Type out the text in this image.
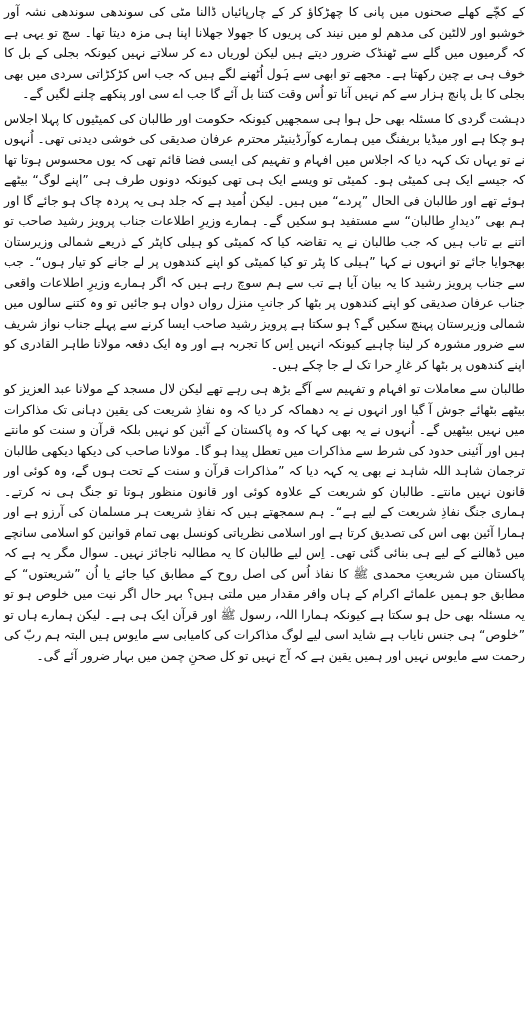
کے کچّے کھلے صحنوں میں پانی کا چھڑکاؤ کر کے چارپائیاں ڈالنا مٹی کی سوندھی سوندھی نشہ آور خوشبو اور لالٹین کی مدھم لو میں نیند کی پریوں کا جھولا جھلانا اپنا ہی مزہ دیتا تھا۔ سچ تو یہی ہے کہ گرمیوں میں گلے سے ٹھنڈک ضرور دیتے ہیں لیکن لوریاں دے کر سلاتے نہیں کیونکہ بجلی کے بل کا خوف ہی بے چین رکھتا ہے۔ مجھے تو ابھی سے ہَول اُٹھنے لگے ہیں کہ جب اس کڑکڑاتی سردی میں بھی بجلی کا بل پانچ ہزار سے کم نہیں آتا تو اُس وقت کتنا بل آئے گا جب اے سی اور پنکھے چلنے لگیں گے۔

دہشت گردی کا مسئلہ بھی حل ہوا ہی سمجھیں کیونکہ حکومت اور طالبان کی کمیٹیوں کا پہلا اجلاس ہو چکا ہے اور میڈیا بریفنگ میں ہمارے کوآرڈینیٹر محترم عرفان صدیقی کی خوشی دیدنی تھی۔ اُنہوں نے تو یہاں تک کہہ دیا کہ اجلاس میں افہام و تفہیم کی ایسی فضا قائم تھی کہ یوں محسوس ہوتا تھا کہ جیسے ایک ہی کمیٹی ہو۔ کمیٹی تو ویسے ایک ہی تھی کیونکہ دونوں طرف ہی ”اپنے لوگ“ بیٹھے ہوئے تھے اور طالبان فی الحال ”پردے“ میں ہیں۔ لیکن اُمید ہے کہ جلد ہی یہ پردہ چاک ہو جائے گا اور ہم بھی ”دیدارِ طالبان“ سے مستفید ہو سکیں گے۔ ہمارے وزیرِ اطلاعات جناب پرویز رشید صاحب تو اتنے بے تاب ہیں کہ جب طالبان نے یہ تقاضہ کیا کہ کمیٹی کو ہیلی کاپٹر کے ذریعے شمالی وزیرستان بھجوایا جائے تو انہوں نے کہا ”ہیلی کا پٹر تو کیا کمیٹی کو اپنے کندھوں پر لے جانے کو تیار ہوں“۔ جب سے جناب پرویز رشید کا یہ بیان آیا ہے تب سے ہم سوچ رہے ہیں کہ اگر ہمارے وزیرِ اطلاعات واقعی جناب عرفان صدیقی کو اپنے کندھوں پر بٹھا کر جانبِ منزل رواں دواں ہو جائیں تو وہ کتنے سالوں میں شمالی وزیرستان پہنچ سکیں گے؟ ہو سکتا ہے پرویز رشید صاحب ایسا کرنے سے پہلے جناب نواز شریف سے ضرور مشورہ کر لینا چاہیے کیونکہ انہیں اِس کا تجربہ ہے اور وہ ایک دفعہ مولانا طاہر القادری کو اپنے کندھوں پر بٹھا کر غارِ حرا تک لے جا چکے ہیں۔

طالبان سے معاملات تو افہام و تفہیم سے آگے بڑھ ہی رہے تھے لیکن لال مسجد کے مولانا عبد العزیز کو بیٹھے بٹھائے جوش آ گیا اور انہوں نے یہ دھماکہ کر دیا کہ وہ نفاذِ شریعت کی یقین دہانی تک مذاکرات میں نہیں بیٹھیں گے۔ اُنہوں نے یہ بھی کہا کہ وہ پاکستان کے آئین کو نہیں بلکہ قرآن و سنت کو مانتے ہیں اور آئینی حدود کی شرط سے مذاکرات میں تعطل پیدا ہو گا۔ مولانا صاحب کی دیکھا دیکھی طالبان ترجمان شاہد اللہ شاہد نے بھی یہ کہہ دیا کہ ”مذاکرات قرآن و سنت کے تحت ہوں گے، وہ کوئی اور قانون نہیں مانتے۔ طالبان کو شریعت کے علاوہ کوئی اور قانون منظور ہوتا تو جنگ ہی نہ کرتے۔ ہماری جنگ نفاذِ شریعت کے لیے ہے“۔ ہم سمجھتے ہیں کہ نفاذِ شریعت ہر مسلمان کی آرزو ہے اور ہمارا آئین بھی اس کی تصدیق کرتا ہے اور اسلامی نظریاتی کونسل بھی تمام قوانین کو اسلامی سانچے میں ڈھالنے کے لیے ہی بنائی گئی تھی۔ اِس لیے طالبان کا یہ مطالبہ ناجائز نہیں۔ سوال مگر یہ ہے کہ پاکستان میں شریعتِ محمدی ﷺ کا نفاذ اُس کی اصل روح کے مطابق کیا جائے یا اُن ”شریعتوں“ کے مطابق جو ہمیں علمائے اکرام کے ہاں وافر مقدار میں ملتی ہیں؟ بہر حال اگر نیت میں خلوص ہو تو یہ مسئلہ بھی حل ہو سکتا ہے کیونکہ ہمارا اللہ، رسول ﷺ اور قرآن ایک ہی ہے۔ لیکن ہمارے ہاں تو ”خلوص“ ہی جنس نایاب ہے شاید اسی لیے لوگ مذاکرات کی کامیابی سے مایوس ہیں البتہ ہم ربّ کی رحمت سے مایوس نہیں اور ہمیں یقین ہے کہ آج نہیں تو کل صحنِ چمن میں بہار ضرور آئے گی۔
